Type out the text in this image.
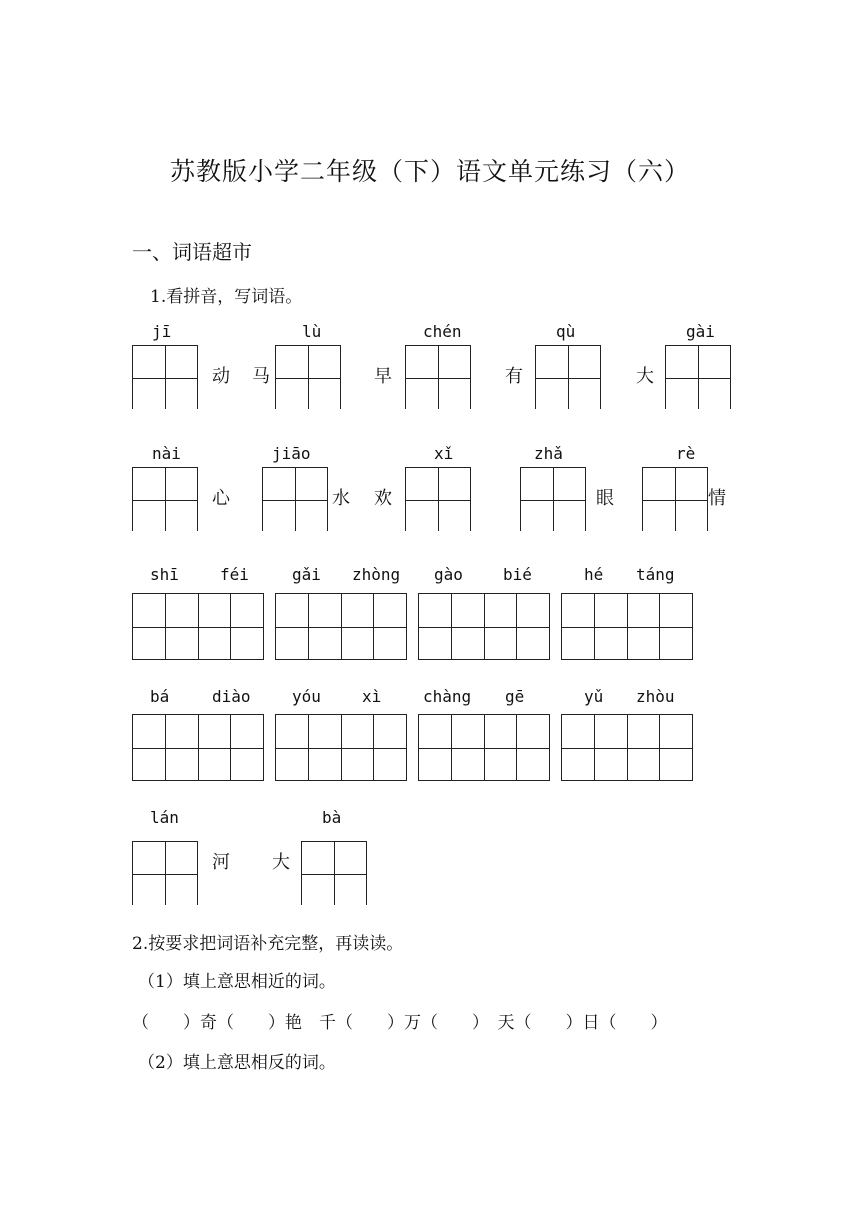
苏教版小学二年级（下）语文单元练习（六）
一、词语超市
1.看拼音，写词语。
jī	lù	chén	qù	gài
动 马	早	有	大
nài	jiāo	xǐ	zhǎ	rè
心	水 欢	眼	情
shī	féi	gǎi zhòng gào	bié	hé táng
bá	diào	yóu	xì	chàng gē	yǔ zhòu
lán	bà
河 大
2.按要求把词语补充完整，再读读。
（1）填上意思相近的词。
（　　）奇（　　）艳　千（　　）万（　　）　天（　　）日（　　）
（2）填上意思相反的词。
